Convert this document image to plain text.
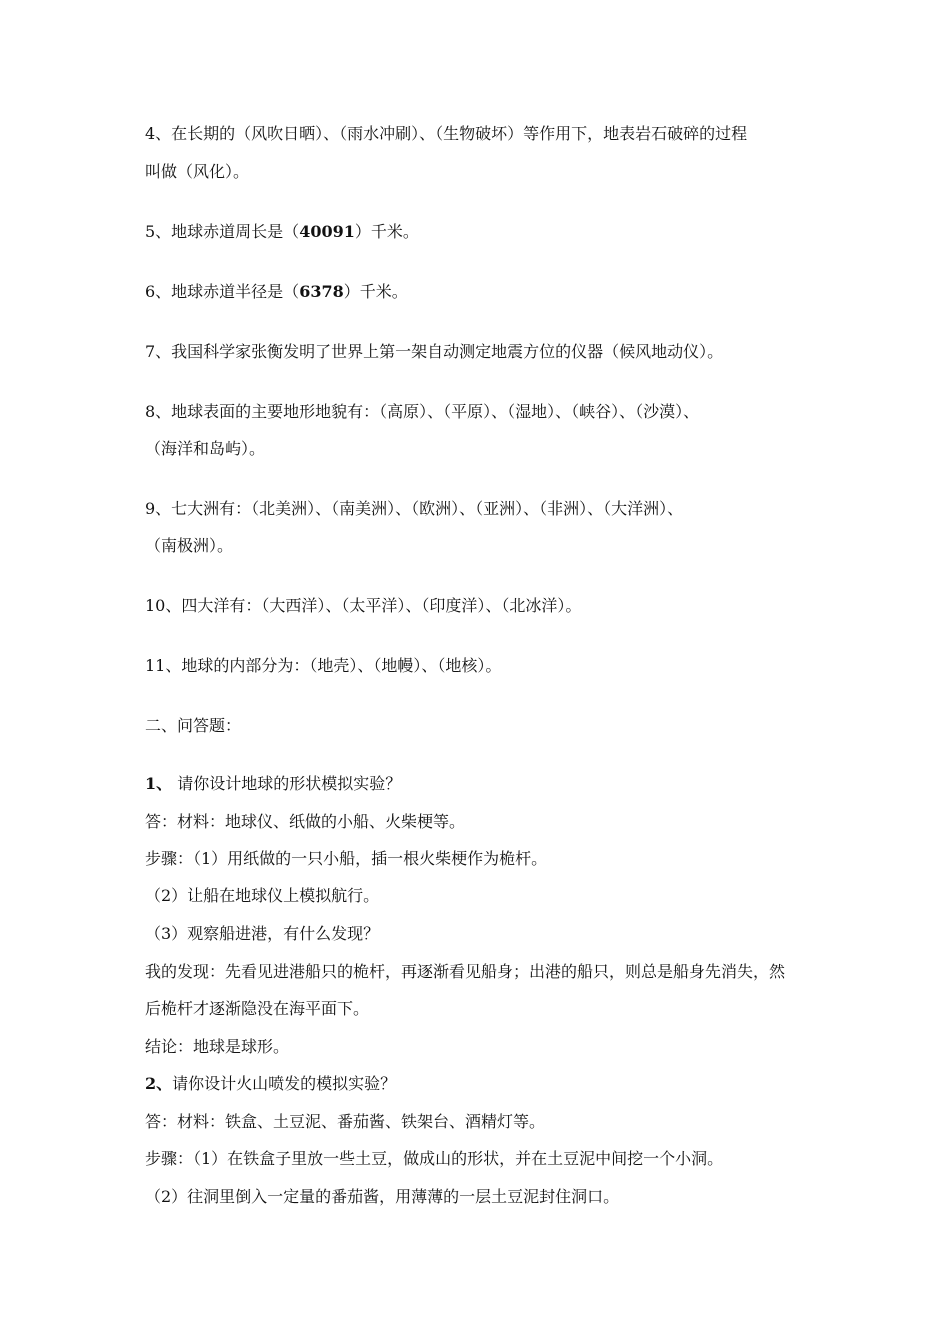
4、在长期的（风吹日晒）、（雨水冲刷）、（生物破坏）等作用下，地表岩石破碎的过程
叫做（风化）。
5、地球赤道周长是（40091）千米。
6、地球赤道半径是（6378）千米。
7、我国科学家张衡发明了世界上第一架自动测定地震方位的仪器（候风地动仪）。
8、地球表面的主要地形地貌有：（高原）、（平原）、（湿地）、（峡谷）、（沙漠）、
（海洋和岛屿）。
9、七大洲有：（北美洲）、（南美洲）、（欧洲）、（亚洲）、（非洲）、（大洋洲）、
（南极洲）。
10、四大洋有：（大西洋）、（太平洋）、（印度洋）、（北冰洋）。
11、地球的内部分为：（地壳）、（地幔）、（地核）。
二、问答题：
1、 请你设计地球的形状模拟实验？
答：材料：地球仪、纸做的小船、火柴梗等。
步骤：（1）用纸做的一只小船，插一根火柴梗作为桅杆。
（2）让船在地球仪上模拟航行。
（3）观察船进港，有什么发现？
我的发现：先看见进港船只的桅杆，再逐渐看见船身；出港的船只，则总是船身先消失，然
后桅杆才逐渐隐没在海平面下。
结论：地球是球形。
2、请你设计火山喷发的模拟实验？
答：材料：铁盒、土豆泥、番茄酱、铁架台、酒精灯等。
步骤：（1）在铁盒子里放一些土豆，做成山的形状，并在土豆泥中间挖一个小洞。
（2）往洞里倒入一定量的番茄酱，用薄薄的一层土豆泥封住洞口。
